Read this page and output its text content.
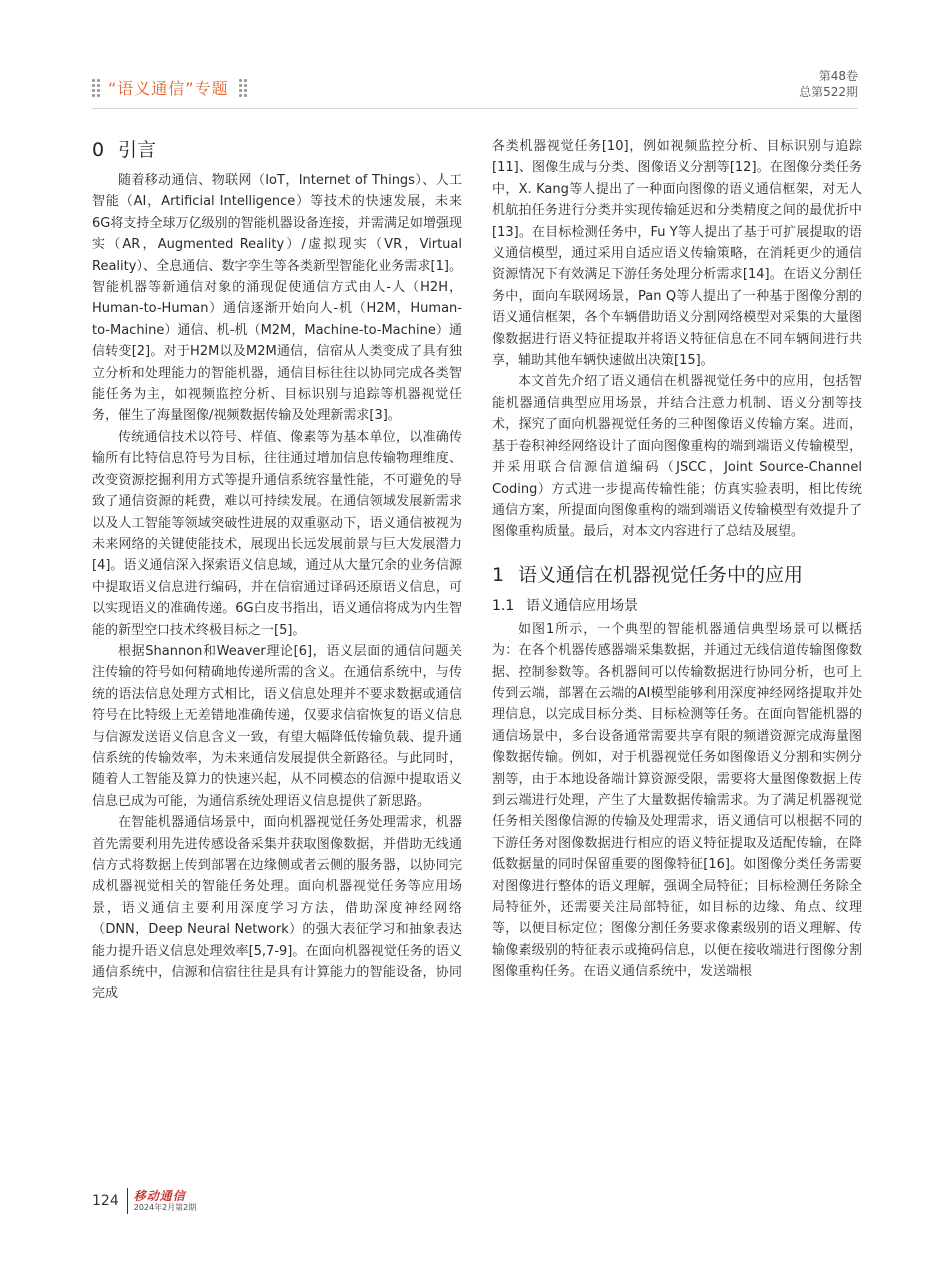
“语义通信”专题
第48卷
总第522期
0 引言

随着移动通信、物联网（IoT，Internet of Things）、人工智能（AI，Artificial Intelligence）等技术的快速发展，未来6G将支持全球万亿级别的智能机器设备连接，并需满足如增强现实（AR，Augmented Reality）/虚拟现实（VR，Virtual Reality）、全息通信、数字孪生等各类新型智能化业务需求[1]。智能机器等新通信对象的涌现促使通信方式由人-人（H2H，Human-to-Human）通信逐渐开始向人-机（H2M，Human-to-Machine）通信、机-机（M2M，Machine-to-Machine）通信转变[2]。对于H2M以及M2M通信，信宿从人类变成了具有独立分析和处理能力的智能机器，通信目标往往以协同完成各类智能任务为主，如视频监控分析、目标识别与追踪等机器视觉任务，催生了海量图像/视频数据传输及处理新需求[3]。

传统通信技术以符号、样值、像素等为基本单位，以准确传输所有比特信息符号为目标，往往通过增加信息传输物理维度、改变资源挖掘利用方式等提升通信系统容量性能，不可避免的导致了通信资源的耗费，难以可持续发展。在通信领域发展新需求以及人工智能等领域突破性进展的双重驱动下，语义通信被视为未来网络的关键使能技术，展现出长远发展前景与巨大发展潜力[4]。语义通信深入探索语义信息域，通过从大量冗余的业务信源中提取语义信息进行编码，并在信宿通过译码还原语义信息，可以实现语义的准确传递。6G白皮书指出，语义通信将成为内生智能的新型空口技术终极目标之一[5]。

根据Shannon和Weaver理论[6]，语义层面的通信问题关注传输的符号如何精确地传递所需的含义。在通信系统中，与传统的语法信息处理方式相比，语义信息处理并不要求数据或通信符号在比特级上无差错地准确传递，仅要求信宿恢复的语义信息与信源发送语义信息含义一致，有望大幅降低传输负载、提升通信系统的传输效率，为未来通信发展提供全新路径。与此同时，随着人工智能及算力的快速兴起，从不同模态的信源中提取语义信息已成为可能，为通信系统处理语义信息提供了新思路。

在智能机器通信场景中，面向机器视觉任务处理需求，机器首先需要利用先进传感设备采集并获取图像数据，并借助无线通信方式将数据上传到部署在边缘侧或者云侧的服务器，以协同完成机器视觉相关的智能任务处理。面向机器视觉任务等应用场景，语义通信主要利用深度学习方法，借助深度神经网络（DNN，Deep Neural Network）的强大表征学习和抽象表达能力提升语义信息处理效率[5,7-9]。在面向机器视觉任务的语义通信系统中，信源和信宿往往是具有计算能力的智能设备，协同完成

各类机器视觉任务[10]，例如视频监控分析、目标识别与追踪[11]、图像生成与分类、图像语义分割等[12]。在图像分类任务中，X. Kang等人提出了一种面向图像的语义通信框架，对无人机航拍任务进行分类并实现传输延迟和分类精度之间的最优折中[13]。在目标检测任务中，Fu Y等人提出了基于可扩展提取的语义通信模型，通过采用自适应语义传输策略，在消耗更少的通信资源情况下有效满足下游任务处理分析需求[14]。在语义分割任务中，面向车联网场景，Pan Q等人提出了一种基于图像分割的语义通信框架，各个车辆借助语义分割网络模型对采集的大量图像数据进行语义特征提取并将语义特征信息在不同车辆间进行共享，辅助其他车辆快速做出决策[15]。

本文首先介绍了语义通信在机器视觉任务中的应用，包括智能机器通信典型应用场景，并结合注意力机制、语义分割等技术，探究了面向机器视觉任务的三种图像语义传输方案。进而，基于卷积神经网络设计了面向图像重构的端到端语义传输模型，并采用联合信源信道编码（JSCC，Joint Source-Channel Coding）方式进一步提高传输性能；仿真实验表明，相比传统通信方案，所提面向图像重构的端到端语义传输模型有效提升了图像重构质量。最后，对本文内容进行了总结及展望。

1 语义通信在机器视觉任务中的应用
1.1 语义通信应用场景

如图1所示，一个典型的智能机器通信典型场景可以概括为：在各个机器传感器端采集数据，并通过无线信道传输图像数据、控制参数等。各机器间可以传输数据进行协同分析，也可上传到云端，部署在云端的AI模型能够利用深度神经网络提取并处理信息，以完成目标分类、目标检测等任务。在面向智能机器的通信场景中，多台设备通常需要共享有限的频谱资源完成海量图像数据传输。例如，对于机器视觉任务如图像语义分割和实例分割等，由于本地设备端计算资源受限，需要将大量图像数据上传到云端进行处理，产生了大量数据传输需求。为了满足机器视觉任务相关图像信源的传输及处理需求，语义通信可以根据不同的下游任务对图像数据进行相应的语义特征提取及适配传输，在降低数据量的同时保留重要的图像特征[16]。如图像分类任务需要对图像进行整体的语义理解，强调全局特征；目标检测任务除全局特征外，还需要关注局部特征，如目标的边缘、角点、纹理等，以便目标定位；图像分割任务要求像素级别的语义理解、传输像素级别的特征表示或掩码信息，以便在接收端进行图像分割图像重构任务。在语义通信系统中，发送端根

124	移动通信
2024年2月第2期
